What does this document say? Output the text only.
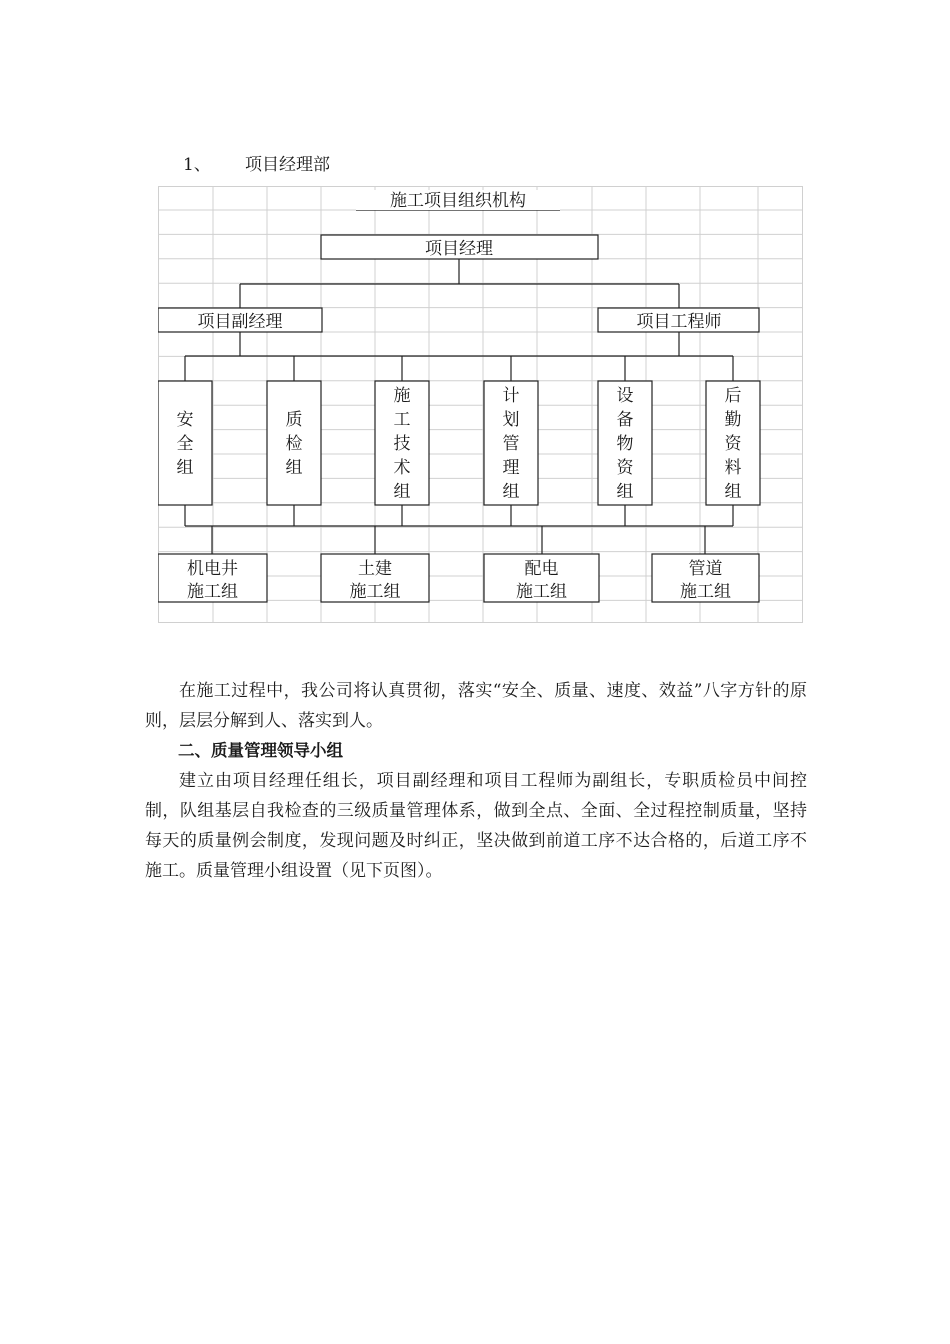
1、 项目经理部
施工项目组织机构
项目经理
项目副经理	项目工程师
安
全
组
质
检
组
施
工
技
术
组
计
划
管
理
组
设
备
物
资
组
后
勤
资
料
组
机电井
施工组
土建
施工组
配电
施工组
管道
施工组

在施工过程中，我公司将认真贯彻，落实“安全、质量、速度、效益”八字方针的原则，层层分解到人、落实到人。

二、质量管理领导小组

建立由项目经理任组长，项目副经理和项目工程师为副组长，专职质检员中间控制，队组基层自我检查的三级质量管理体系，做到全点、全面、全过程控制质量，坚持每天的质量例会制度，发现问题及时纠正，坚决做到前道工序不达合格的，后道工序不施工。质量管理小组设置（见下页图）。
